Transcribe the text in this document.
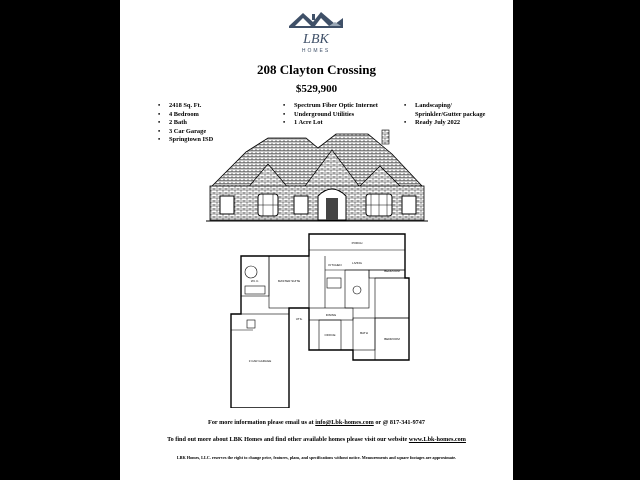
LBK
HOMES
208 Clayton Crossing
$529,900
• 2418 Sq. Ft.
• 4 Bedroom
• 2 Bath
• 3 Car Garage
• Springtown ISD
• Spectrum Fiber Optic Internet
• Underground Utilities
• 1 Acre Lot
• Landscaping/ Sprinkler/Gutter package
• Ready July 2022
MASTER SUITE
W.I.C.
PORCH
KITCHEN	LIVING
BEDROOM
BATH
BEDROOM
OFFICE
DINING
UTIL
3 CAR GARAGE
For more information please email us at info@Lbk-homes.com or @ 817-341-9747
To find out more about LBK Homes and find other available homes please visit our website www.Lbk-homes.com
LBK Homes, LLC. reserves the right to change price, features, plans, and specifications without notice. Measurements and square footages are approximate.
